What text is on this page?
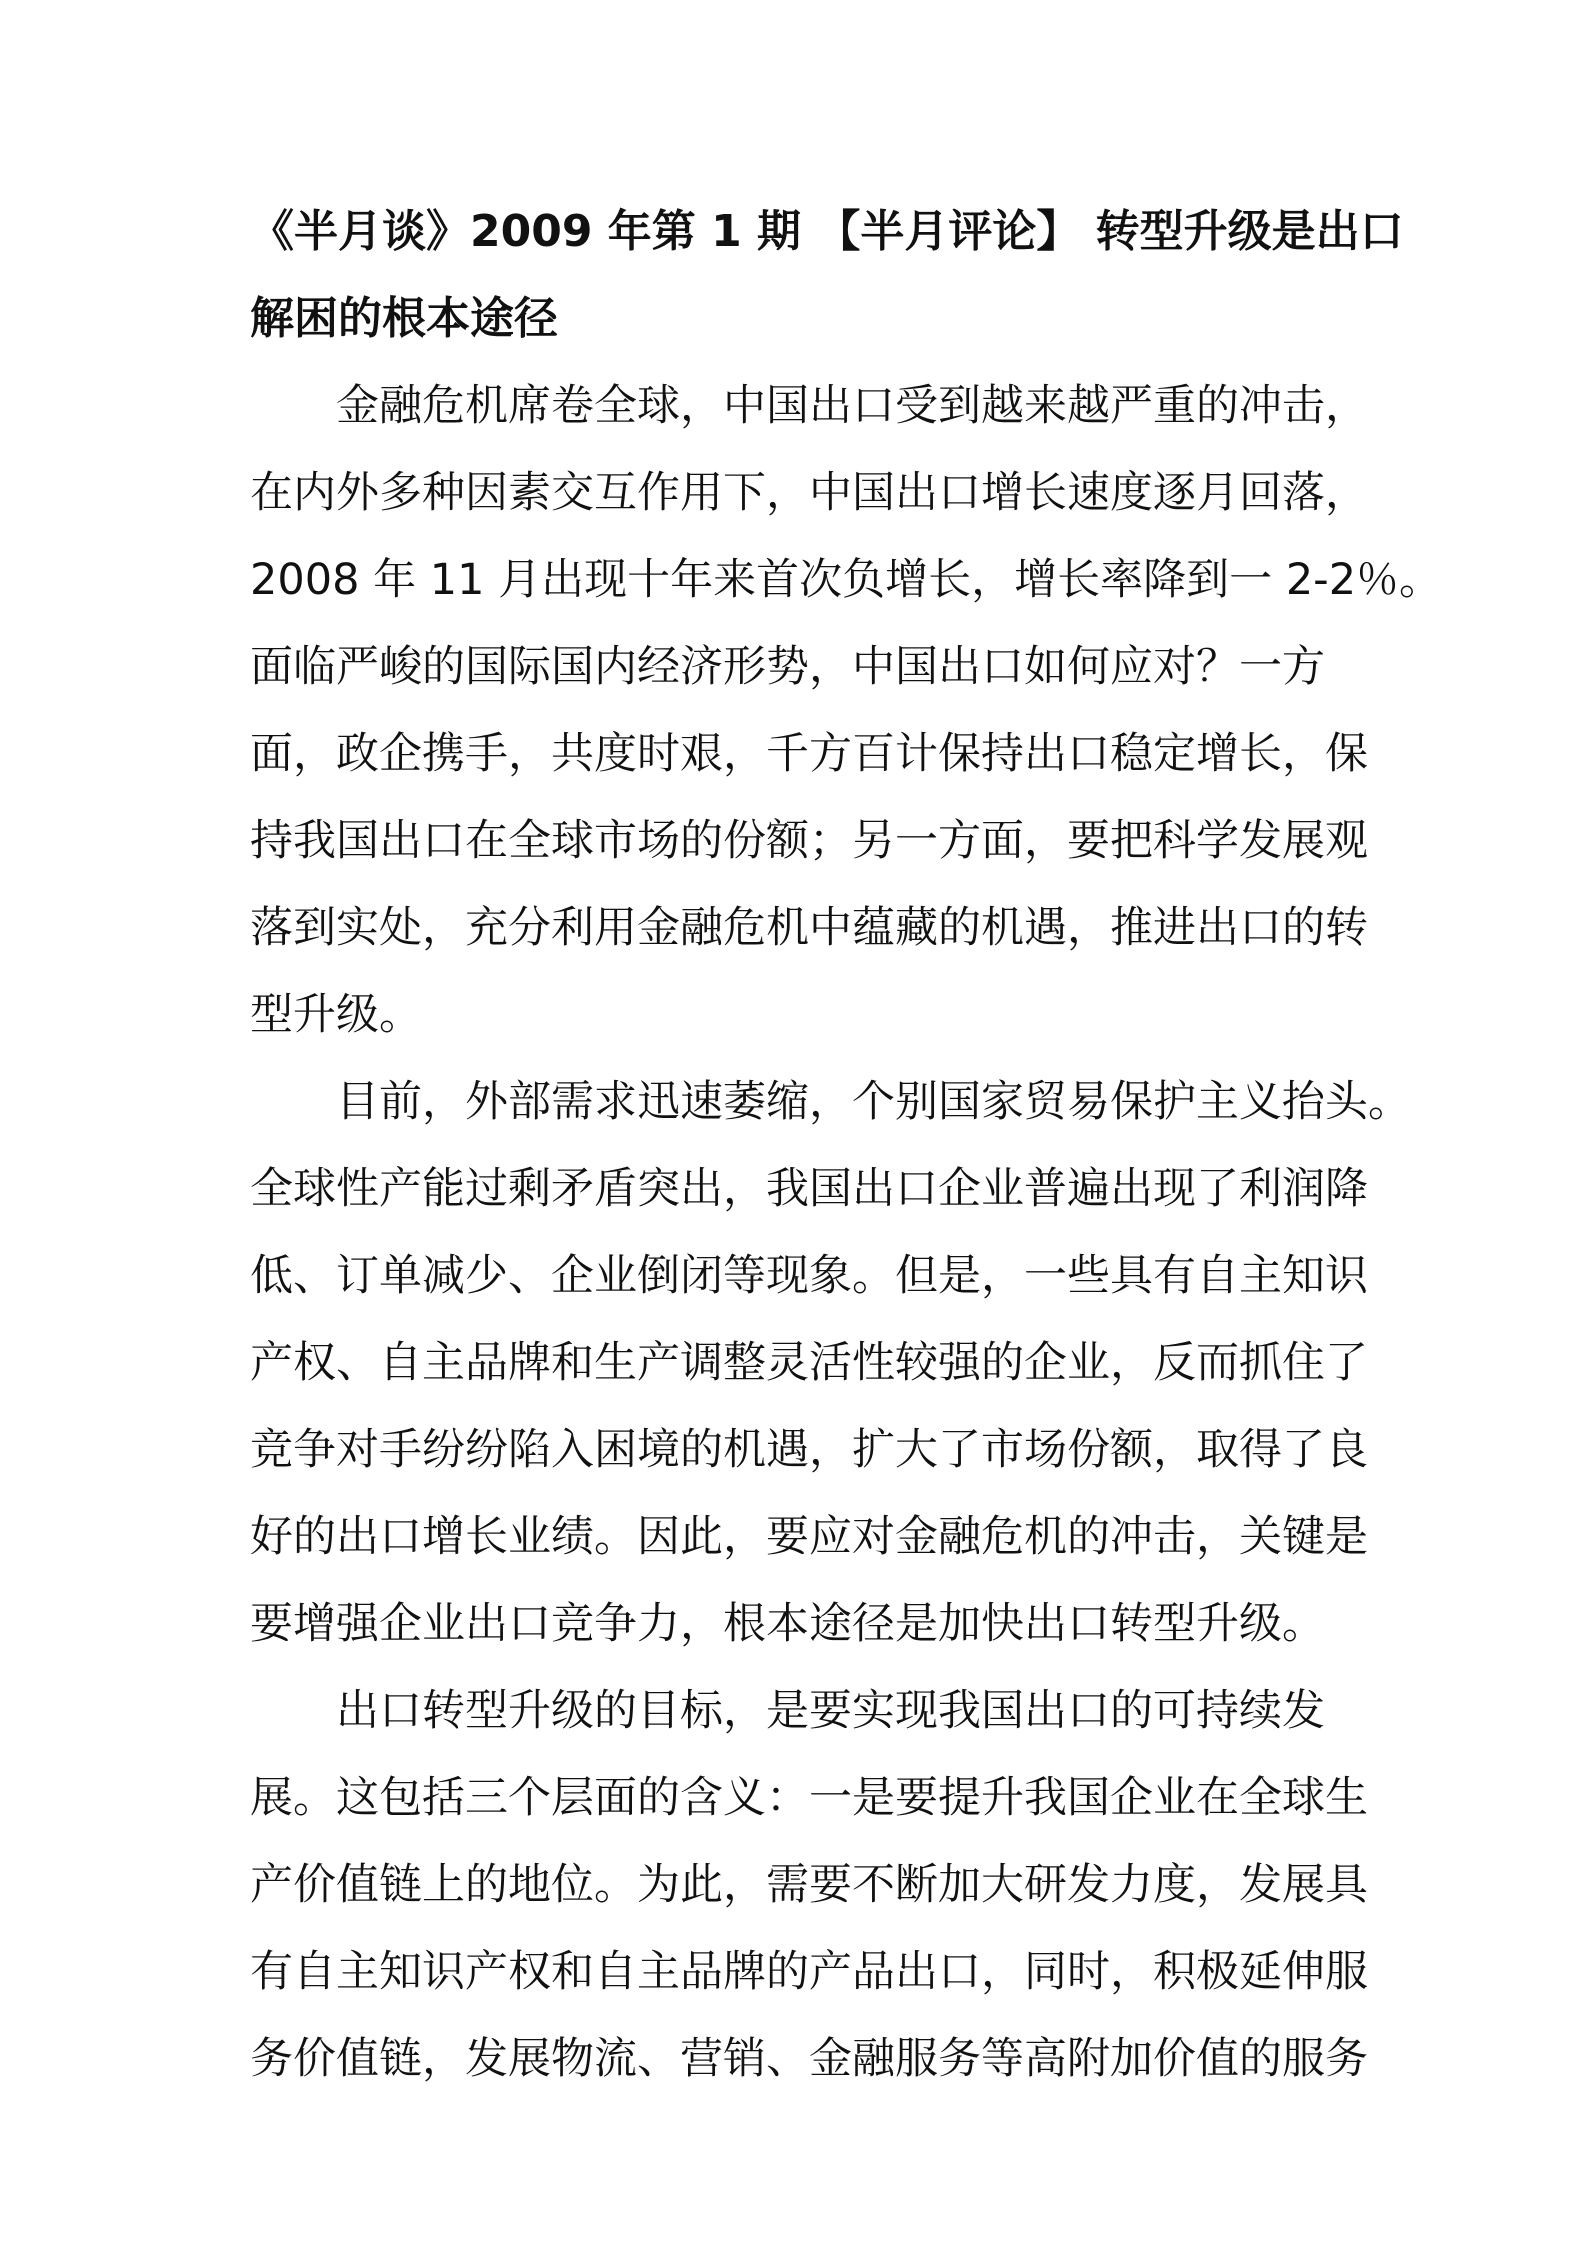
《半月谈》2009 年第 1 期 【半月评论】 转型升级是出口
解困的根本途径
　　金融危机席卷全球，中国出口受到越来越严重的冲击，
在内外多种因素交互作用下，中国出口增长速度逐月回落，
2008 年 11 月出现十年来首次负增长，增长率降到一 2-2％。
面临严峻的国际国内经济形势，中国出口如何应对？一方
面，政企携手，共度时艰，千方百计保持出口稳定增长，保
持我国出口在全球市场的份额；另一方面，要把科学发展观
落到实处，充分利用金融危机中蕴藏的机遇，推进出口的转
型升级。
　　目前，外部需求迅速萎缩，个别国家贸易保护主义抬头。
全球性产能过剩矛盾突出，我国出口企业普遍出现了利润降
低、订单减少、企业倒闭等现象。但是，一些具有自主知识
产权、自主品牌和生产调整灵活性较强的企业，反而抓住了
竞争对手纷纷陷入困境的机遇，扩大了市场份额，取得了良
好的出口增长业绩。因此，要应对金融危机的冲击，关键是
要增强企业出口竞争力，根本途径是加快出口转型升级。
　　出口转型升级的目标，是要实现我国出口的可持续发
展。这包括三个层面的含义：一是要提升我国企业在全球生
产价值链上的地位。为此，需要不断加大研发力度，发展具
有自主知识产权和自主品牌的产品出口，同时，积极延伸服
务价值链，发展物流、营销、金融服务等高附加价值的服务
